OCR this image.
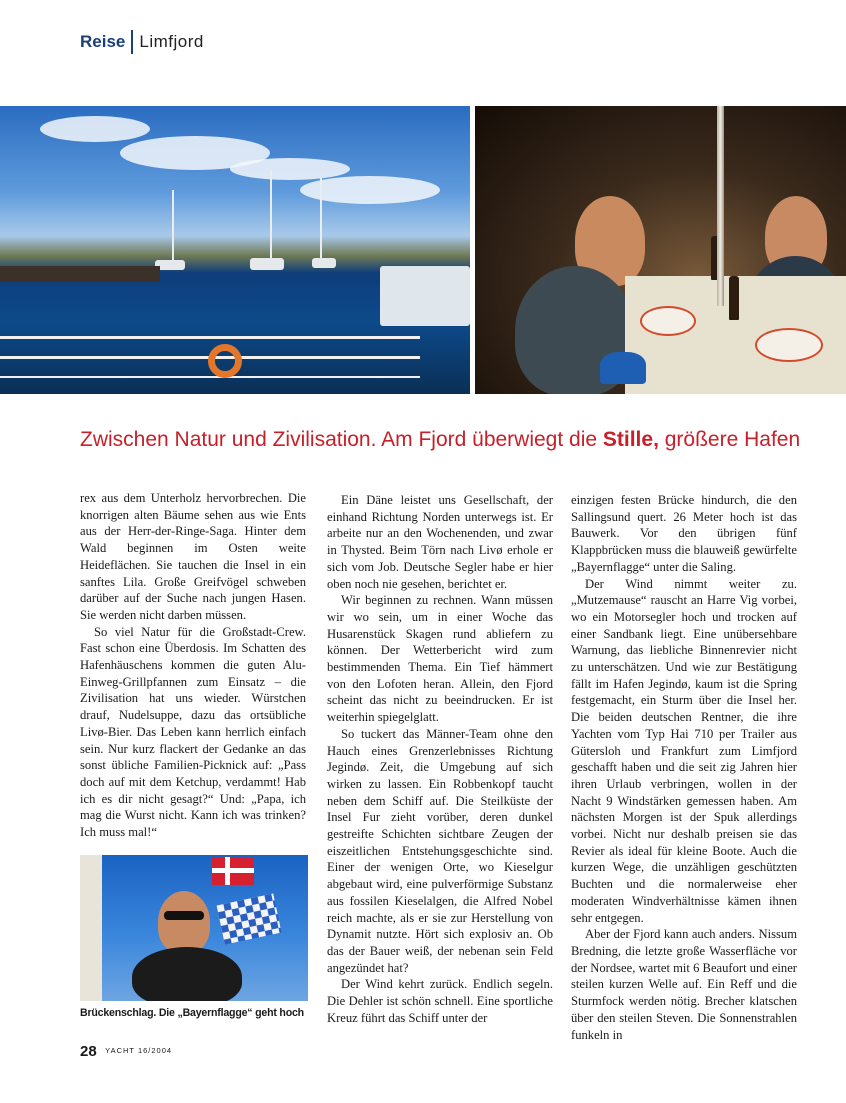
Reise Limfjord
Zwischen Natur und Zivilisation. Am Fjord überwiegt die Stille, größere Hafen

rex aus dem Unterholz hervorbrechen. Die knorrigen alten Bäume sehen aus wie Ents aus der Herr-der-Ringe-Saga. Hinter dem Wald beginnen im Osten weite Heideflächen. Sie tauchen die Insel in ein sanftes Lila. Große Greifvögel schweben darüber auf der Suche nach jungen Hasen. Sie werden nicht darben müssen.

So viel Natur für die Großstadt-Crew. Fast schon eine Überdosis. Im Schatten des Hafenhäuschens kommen die guten Alu-Einweg-Grillpfannen zum Einsatz – die Zivilisation hat uns wieder. Würstchen drauf, Nudelsuppe, dazu das ortsübliche Livø-Bier. Das Leben kann herrlich einfach sein. Nur kurz flackert der Gedanke an das sonst übliche Familien-Picknick auf: „Pass doch auf mit dem Ketchup, verdammt! Hab ich es dir nicht gesagt?“ Und: „Papa, ich mag die Wurst nicht. Kann ich was trinken? Ich muss mal!“

Ein Däne leistet uns Gesellschaft, der einhand Richtung Norden unterwegs ist. Er arbeite nur an den Wochenenden, und zwar in Thysted. Beim Törn nach Livø erhole er sich vom Job. Deutsche Segler habe er hier oben noch nie gesehen, berichtet er.

Wir beginnen zu rechnen. Wann müssen wir wo sein, um in einer Woche das Husarenstück Skagen rund abliefern zu können. Der Wetterbericht wird zum bestimmenden Thema. Ein Tief hämmert von den Lofoten heran. Allein, den Fjord scheint das nicht zu beeindrucken. Er ist weiterhin spiegelglatt.

So tuckert das Männer-Team ohne den Hauch eines Grenzerlebnisses Richtung Jegindø. Zeit, die Umgebung auf sich wirken zu lassen. Ein Robbenkopf taucht neben dem Schiff auf. Die Steilküste der Insel Fur zieht vorüber, deren dunkel gestreifte Schichten sichtbare Zeugen der eiszeitlichen Entstehungsgeschichte sind. Einer der wenigen Orte, wo Kieselgur abgebaut wird, eine pulverförmige Substanz aus fossilen Kieselalgen, die Alfred Nobel reich machte, als er sie zur Herstellung von Dynamit nutzte. Hört sich explosiv an. Ob das der Bauer weiß, der nebenan sein Feld angezündet hat?

Der Wind kehrt zurück. Endlich segeln. Die Dehler ist schön schnell. Eine sportliche Kreuz führt das Schiff unter der

einzigen festen Brücke hindurch, die den Sallingsund quert. 26 Meter hoch ist das Bauwerk. Vor den übrigen fünf Klappbrücken muss die blauweiß gewürfelte „Bayernflagge“ unter die Saling.

Der Wind nimmt weiter zu. „Mutzemause“ rauscht an Harre Vig vorbei, wo ein Motorsegler hoch und trocken auf einer Sandbank liegt. Eine unübersehbare Warnung, das liebliche Binnenrevier nicht zu unterschätzen. Und wie zur Bestätigung fällt im Hafen Jegindø, kaum ist die Spring festgemacht, ein Sturm über die Insel her. Die beiden deutschen Rentner, die ihre Yachten vom Typ Hai 710 per Trailer aus Gütersloh und Frankfurt zum Limfjord geschafft haben und die seit zig Jahren hier ihren Urlaub verbringen, wollen in der Nacht 9 Windstärken gemessen haben. Am nächsten Morgen ist der Spuk allerdings vorbei. Nicht nur deshalb preisen sie das Revier als ideal für kleine Boote. Auch die kurzen Wege, die unzähligen geschützten Buchten und die normalerweise eher moderaten Windverhältnisse kämen ihnen sehr entgegen.

Aber der Fjord kann auch anders. Nissum Bredning, die letzte große Wasserfläche vor der Nordsee, wartet mit 6 Beaufort und einer steilen kurzen Welle auf. Ein Reff und die Sturmfock werden nötig. Brecher klatschen über den steilen Steven. Die Sonnenstrahlen funkeln in

Brückenschlag. Die „Bayernflagge“ geht hoch
28 YACHT 16/2004
